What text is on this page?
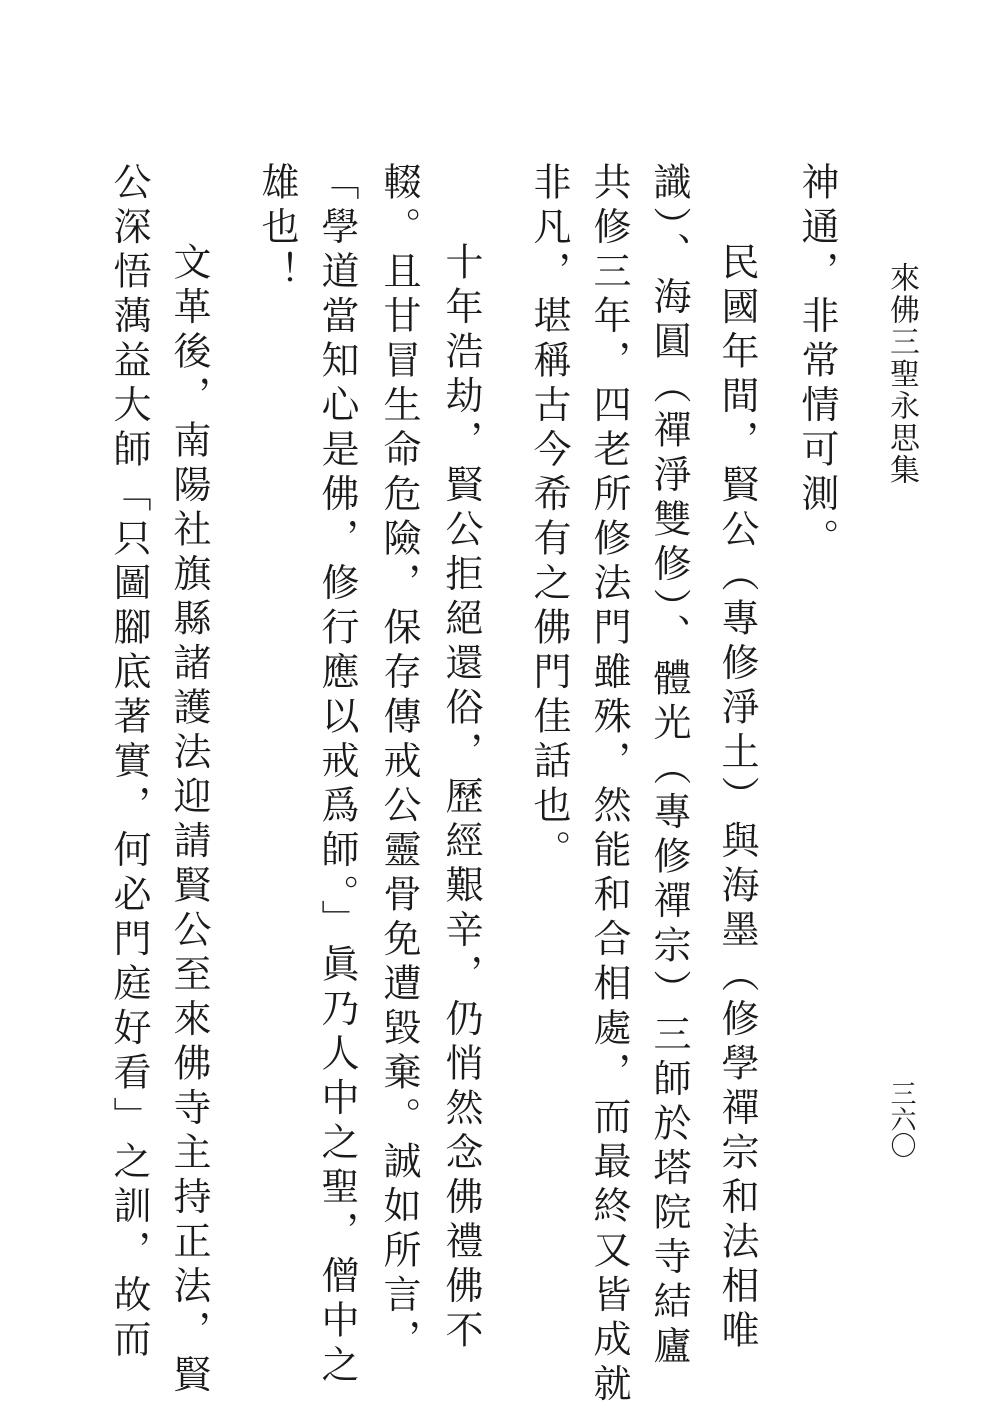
來佛三聖永思集
三六〇
神通，非常情可測。
民國年間，賢公（專修淨土）與海墨（修學禪宗和法相唯
識）、海圓（禪淨雙修）、體光（專修禪宗）三師於塔院寺結廬
共修三年，四老所修法門雖殊，然能和合相處，而最終又皆成就
非凡，堪稱古今希有之佛門佳話也。
十年浩劫，賢公拒絕還俗，歷經艱辛，仍悄然念佛禮佛不
輟。且甘冒生命危險，保存傳戒公靈骨免遭毀棄。誠如所言，
「學道當知心是佛，修行應以戒爲師。」眞乃人中之聖，僧中之
雄也！
文革後，南陽社旗縣諸護法迎請賢公至來佛寺主持正法，賢
公深悟蕅益大師「只圖腳底著實，何必門庭好看」之訓，故而
